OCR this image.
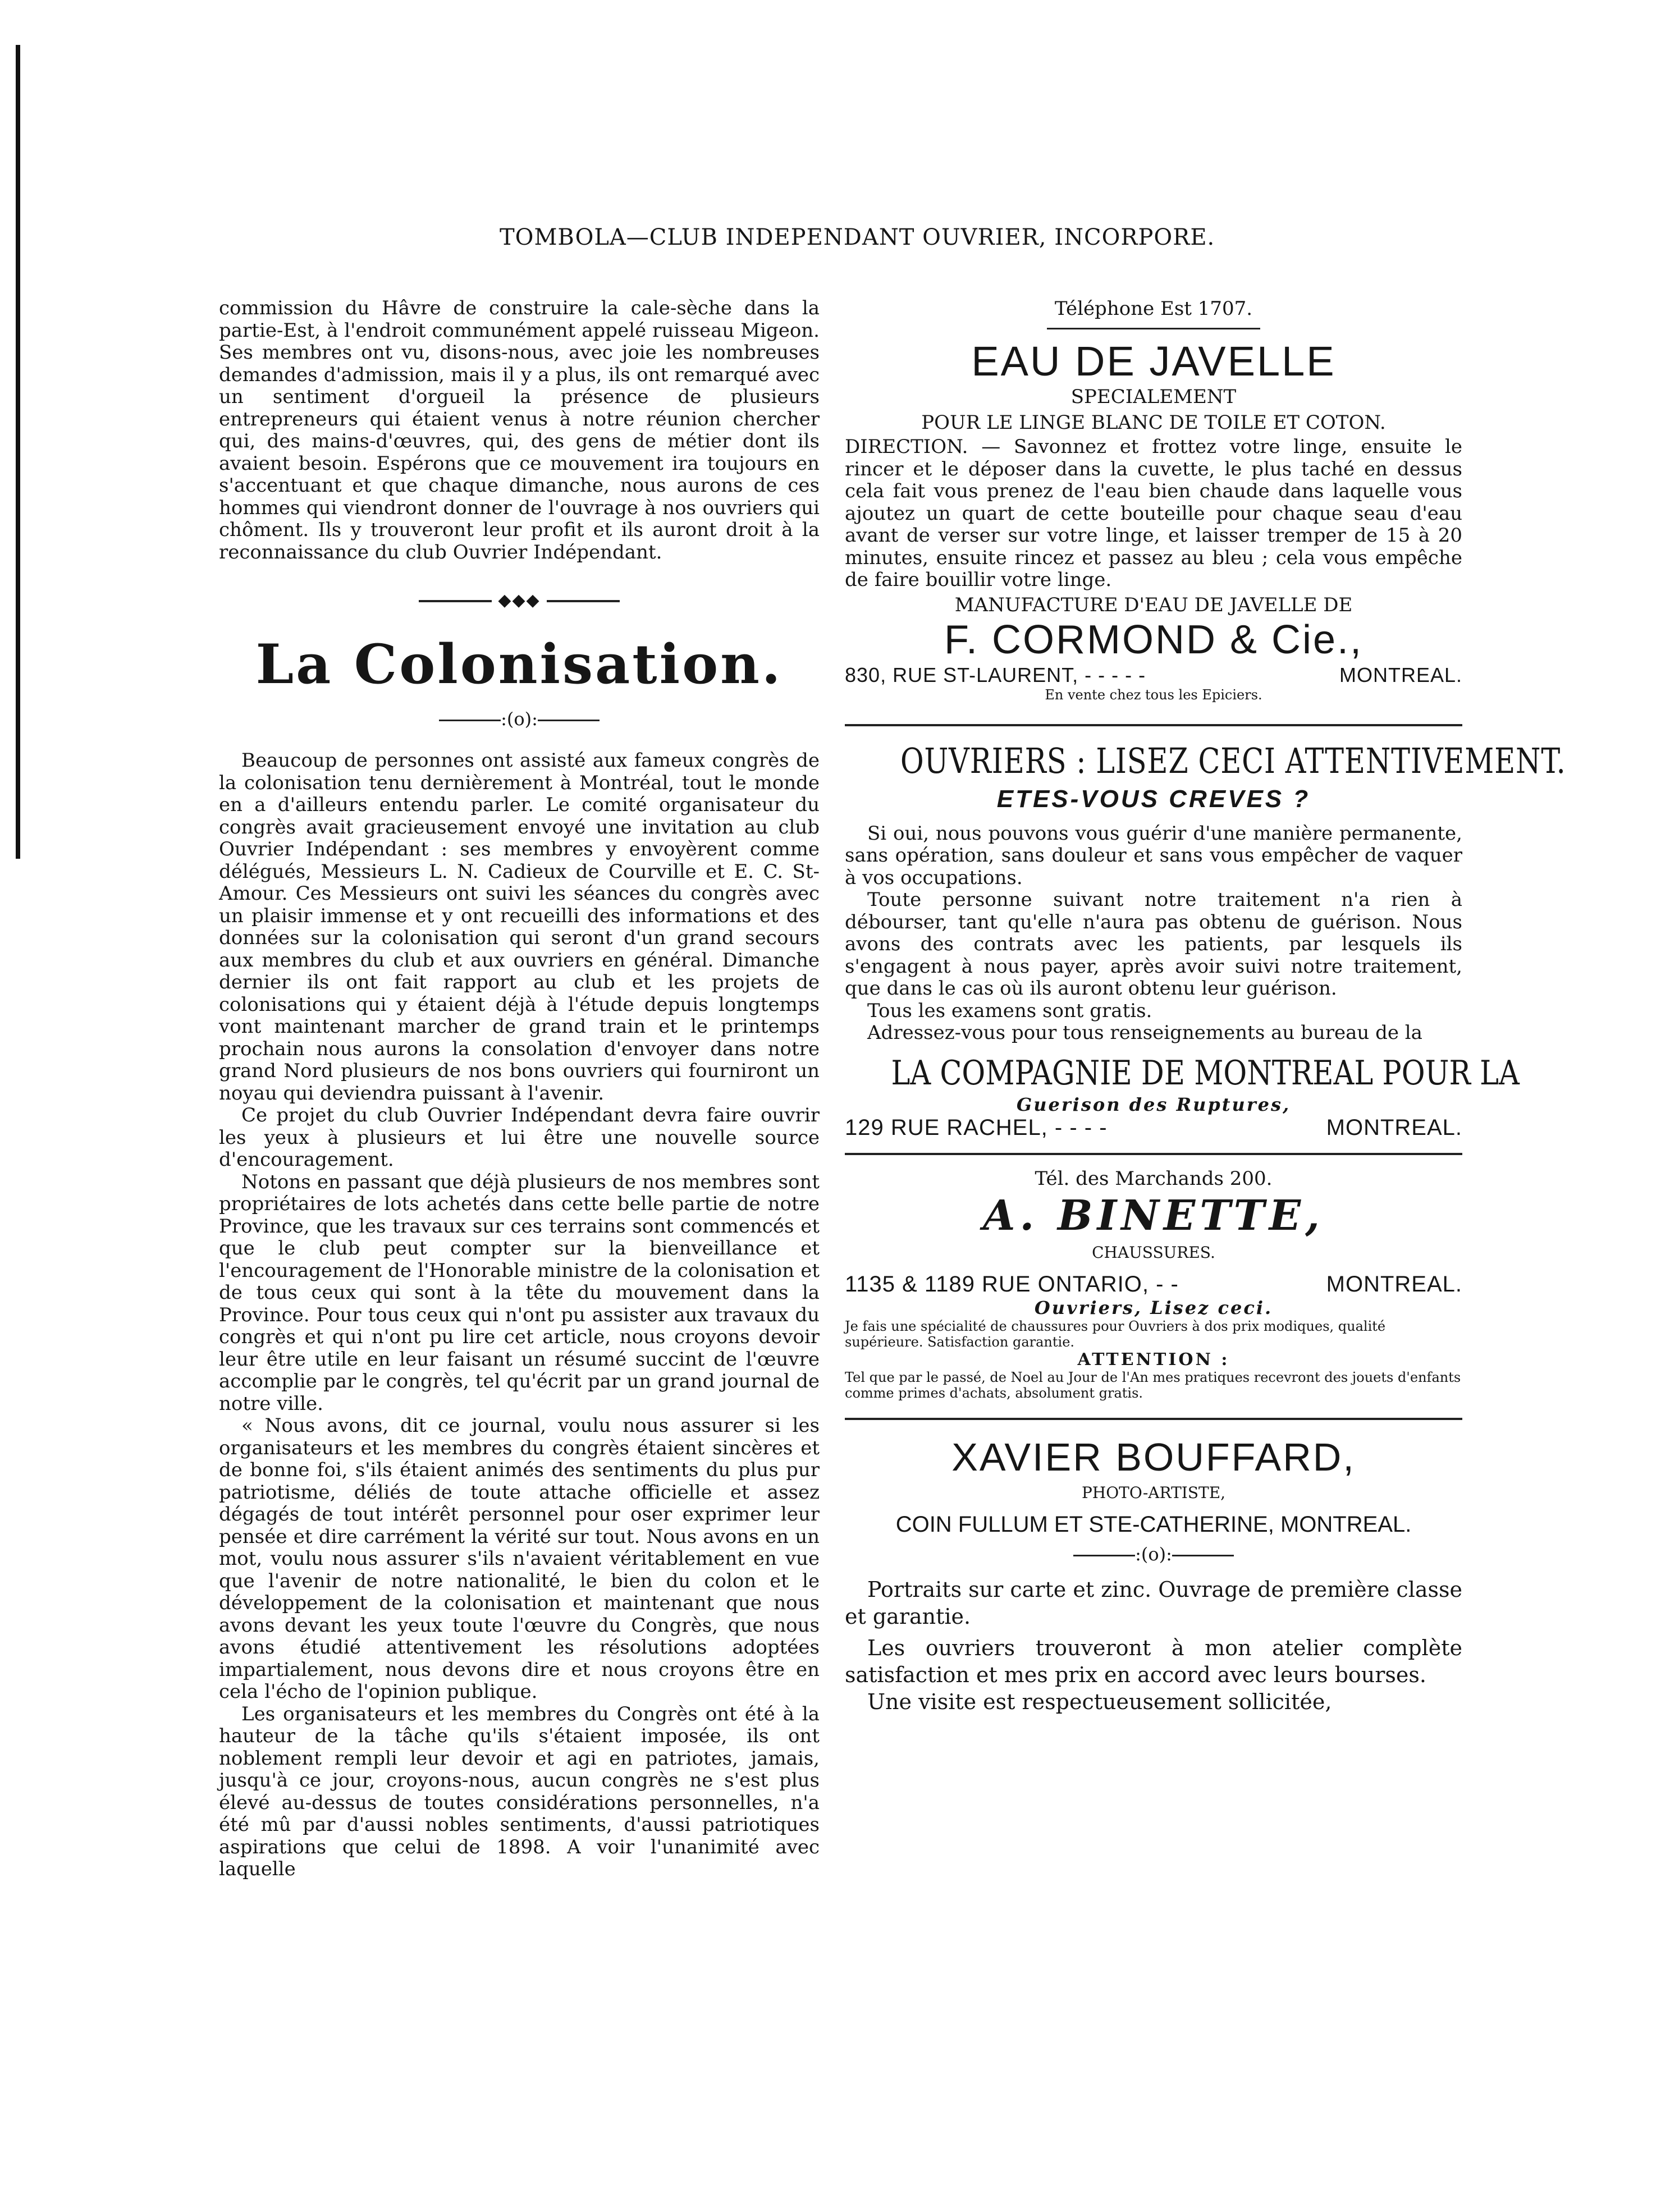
TOMBOLA—CLUB INDEPENDANT OUVRIER, INCORPORE.

commission du Hâvre de construire la cale-sèche dans la partie-Est, à l'endroit communément appelé ruisseau Migeon. Ses membres ont vu, disons-nous, avec joie les nombreuses demandes d'admission, mais il y a plus, ils ont remarqué avec un sentiment d'orgueil la présence de plusieurs entrepreneurs qui étaient venus à notre réunion chercher qui, des mains-d'œuvres, qui, des gens de métier dont ils avaient besoin. Espérons que ce mouvement ira toujours en s'accentuant et que chaque dimanche, nous aurons de ces hommes qui viendront donner de l'ouvrage à nos ouvriers qui chôment. Ils y trouveront leur profit et ils auront droit à la reconnaissance du club Ouvrier Indépendant.

◆◆◆
La Colonisation.
:(o):

Beaucoup de personnes ont assisté aux fameux congrès de la colonisation tenu dernièrement à Montréal, tout le monde en a d'ailleurs entendu parler. Le comité organisateur du congrès avait gracieusement envoyé une invitation au club Ouvrier Indépendant : ses membres y envoyèrent comme délégués, Messieurs L. N. Cadieux de Courville et E. C. St-Amour. Ces Messieurs ont suivi les séances du congrès avec un plaisir immense et y ont recueilli des informations et des données sur la colonisation qui seront d'un grand secours aux membres du club et aux ouvriers en général. Dimanche dernier ils ont fait rapport au club et les projets de colonisations qui y étaient déjà à l'étude depuis longtemps vont maintenant marcher de grand train et le printemps prochain nous aurons la consolation d'envoyer dans notre grand Nord plusieurs de nos bons ouvriers qui fourniront un noyau qui deviendra puissant à l'avenir.

Ce projet du club Ouvrier Indépendant devra faire ouvrir les yeux à plusieurs et lui être une nouvelle source d'encouragement.

Notons en passant que déjà plusieurs de nos membres sont propriétaires de lots achetés dans cette belle partie de notre Province, que les travaux sur ces terrains sont commencés et que le club peut compter sur la bienveillance et l'encouragement de l'Honorable ministre de la colonisation et de tous ceux qui sont à la tête du mouvement dans la Province. Pour tous ceux qui n'ont pu assister aux travaux du congrès et qui n'ont pu lire cet article, nous croyons devoir leur être utile en leur faisant un résumé succint de l'œuvre accomplie par le congrès, tel qu'écrit par un grand journal de notre ville.

« Nous avons, dit ce journal, voulu nous assurer si les organisateurs et les membres du congrès étaient sincères et de bonne foi, s'ils étaient animés des sentiments du plus pur patriotisme, déliés de toute attache officielle et assez dégagés de tout intérêt personnel pour oser exprimer leur pensée et dire carrément la vérité sur tout. Nous avons en un mot, voulu nous assurer s'ils n'avaient véritablement en vue que l'avenir de notre nationalité, le bien du colon et le développement de la colonisation et maintenant que nous avons devant les yeux toute l'œuvre du Congrès, que nous avons étudié attentivement les résolutions adoptées impartialement, nous devons dire et nous croyons être en cela l'écho de l'opinion publique.

Les organisateurs et les membres du Congrès ont été à la hauteur de la tâche qu'ils s'étaient imposée, ils ont noblement rempli leur devoir et agi en patriotes, jamais, jusqu'à ce jour, croyons-nous, aucun congrès ne s'est plus élevé au-dessus de toutes considérations personnelles, n'a été mû par d'aussi nobles sentiments, d'aussi patriotiques aspirations que celui de 1898. A voir l'unanimité avec laquelle

Téléphone Est 1707.
EAU DE JAVELLE
SPECIALEMENT
POUR LE LINGE BLANC DE TOILE ET COTON.

DIRECTION. — Savonnez et frottez votre linge, ensuite le rincer et le déposer dans la cuvette, le plus taché en dessus cela fait vous prenez de l'eau bien chaude dans laquelle vous ajoutez un quart de cette bouteille pour chaque seau d'eau avant de verser sur votre linge, et laisser tremper de 15 à 20 minutes, ensuite rincez et passez au bleu ; cela vous empêche de faire bouillir votre linge.

MANUFACTURE D'EAU DE JAVELLE DE
F. CORMOND & Cie.,
830, RUE ST-LAURENT, - - - - -	MONTREAL.
En vente chez tous les Epiciers.
OUVRIERS : LISEZ CECI ATTENTIVEMENT.
ETES-VOUS CREVES ?

Si oui, nous pouvons vous guérir d'une manière permanente, sans opération, sans douleur et sans vous empêcher de vaquer à vos occupations.

Toute personne suivant notre traitement n'a rien à débourser, tant qu'elle n'aura pas obtenu de guérison. Nous avons des contrats avec les patients, par lesquels ils s'engagent à nous payer, après avoir suivi notre traitement, que dans le cas où ils auront obtenu leur guérison.

Tous les examens sont gratis.

Adressez-vous pour tous renseignements au bureau de la

LA COMPAGNIE DE MONTREAL POUR LA
Guerison des Ruptures,
129 RUE RACHEL, - - - -	MONTREAL.
Tél. des Marchands 200.
A. BINETTE,
CHAUSSURES.
1135 & 1189 RUE ONTARIO, - -	MONTREAL.
Ouvriers, Lisez ceci.

Je fais une spécialité de chaussures pour Ouvriers à dos prix modiques, qualité supérieure. Satisfaction garantie.

ATTENTION :

Tel que par le passé, de Noel au Jour de l'An mes pratiques recevront des jouets d'enfants comme primes d'achats, absolument gratis.

XAVIER BOUFFARD,
PHOTO-ARTISTE,
COIN FULLUM ET STE-CATHERINE, MONTREAL.
:(o):

Portraits sur carte et zinc. Ouvrage de première classe et garantie.

Les ouvriers trouveront à mon atelier complète satisfaction et mes prix en accord avec leurs bourses.

Une visite est respectueusement sollicitée,
